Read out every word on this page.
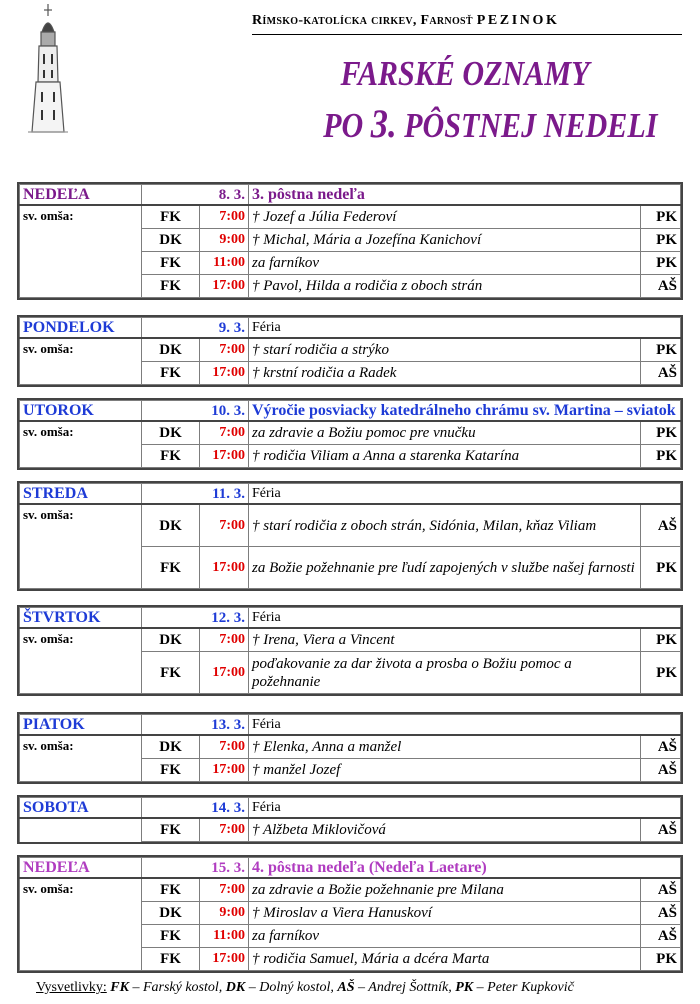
Rímsko-katolícka cirkev, Farnosť PEZINOK
FARSKÉ OZNAMY
PO 3. PÔSTNEJ NEDELI
NEDEĽA	8. 3.		3. pôstna nedeľa	
sv. omša:	FK	7:00	† Jozef a Júlia Federoví	PK
	DK	9:00	† Michal, Mária a Jozefína Kanichoví	PK
	FK	11:00	za farníkov	PK
	FK	17:00	† Pavol, Hilda a rodičia z oboch strán	AŠ
PONDELOK	9. 3.		Féria	
sv. omša:	DK	7:00	† starí rodičia a strýko	PK
	FK	17:00	† krstní rodičia a Radek	AŠ
UTOROK	10. 3.		Výročie posviacky katedrálneho chrámu sv. Martina – sviatok	
sv. omša:	DK	7:00	za zdravie a Božiu pomoc pre vnučku	PK
	FK	17:00	† rodičia Viliam a Anna a starenka Katarína	PK
STREDA	11. 3.		Féria	
sv. omša:	DK	7:00	† starí rodičia z oboch strán, Sidónia, Milan, kňaz Viliam	AŠ
	FK	17:00	za Božie požehnanie pre ľudí zapojených v službe našej farnosti	PK
ŠTVRTOK	12. 3.		Féria	
sv. omša:	DK	7:00	† Irena, Viera a Vincent	PK
	FK	17:00	poďakovanie za dar života a prosba o Božiu pomoc a požehnanie	PK
PIATOK	13. 3.		Féria	
sv. omša:	DK	7:00	† Elenka, Anna a manžel	AŠ
	FK	17:00	† manžel Jozef	AŠ
SOBOTA	14. 3.		Féria	
	FK	7:00	† Alžbeta Miklovičová	AŠ
NEDEĽA	15. 3.		4. pôstna nedeľa (Nedeľa Laetare)	
sv. omša:	FK	7:00	za zdravie a Božie požehnanie pre Milana	AŠ
	DK	9:00	† Miroslav a Viera Hanuskoví	AŠ
	FK	11:00	za farníkov	AŠ
	FK	17:00	† rodičia Samuel, Mária a dcéra Marta	PK
Vysvetlivky: FK – Farský kostol, DK – Dolný kostol, AŠ – Andrej Šottník, PK – Peter Kupkovič
